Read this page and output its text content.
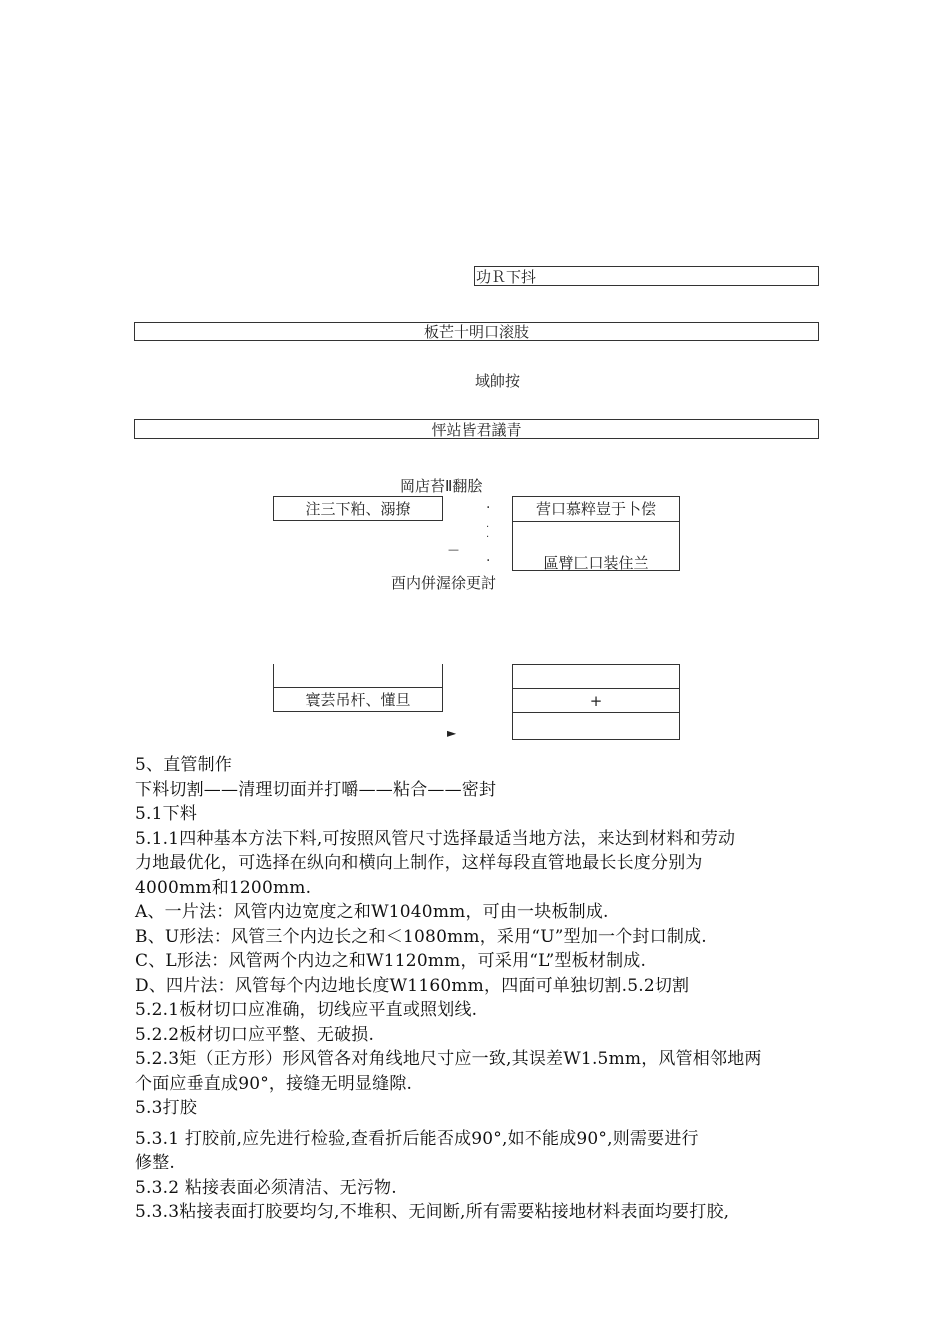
功Ｒ下抖
板芒十明口滚肢
域帥按
怦站皆君議青
岡店苔Ⅱ翻脍
注三下粕、溺撩	营口慕粹豈于卜偿
區臂匚口装住兰
·
·
·
·
—
酉内併渥徐更討
寰芸吊杆、懂旦	+
►
5、直管制作
下料切割——清理切面并打嚼——粘合——密封
5.1下料
5.1.1四种基本方法下料,可按照风管尺寸选择最适当地方法，来达到材料和劳动
力地最优化，可选择在纵向和横向上制作，这样每段直管地最长长度分别为
4000mm和1200mm.
A、一片法：风管内边宽度之和W1040mm，可由一块板制成.
B、U形法：风管三个内边长之和＜1080mm，采用“U”型加一个封口制成.
C、L形法：风管两个内边之和W1120mm，可采用“L”型板材制成.
D、四片法：风管每个内边地长度W1160mm，四面可单独切割.5.2切割
5.2.1板材切口应准确，切线应平直或照划线.
5.2.2板材切口应平整、无破损.
5.2.3矩（正方形）形风管各对角线地尺寸应一致,其误差W1.5mm，风管相邻地两
个面应垂直成90°，接缝无明显缝隙.
5.3打胶
5.3.1 打胶前,应先进行检验,查看折后能否成90°,如不能成90°,则需要进行
修整.
5.3.2 粘接表面必须清洁、无污物.
5.3.3粘接表面打胶要均匀,不堆积、无间断,所有需要粘接地材料表面均要打胶,
